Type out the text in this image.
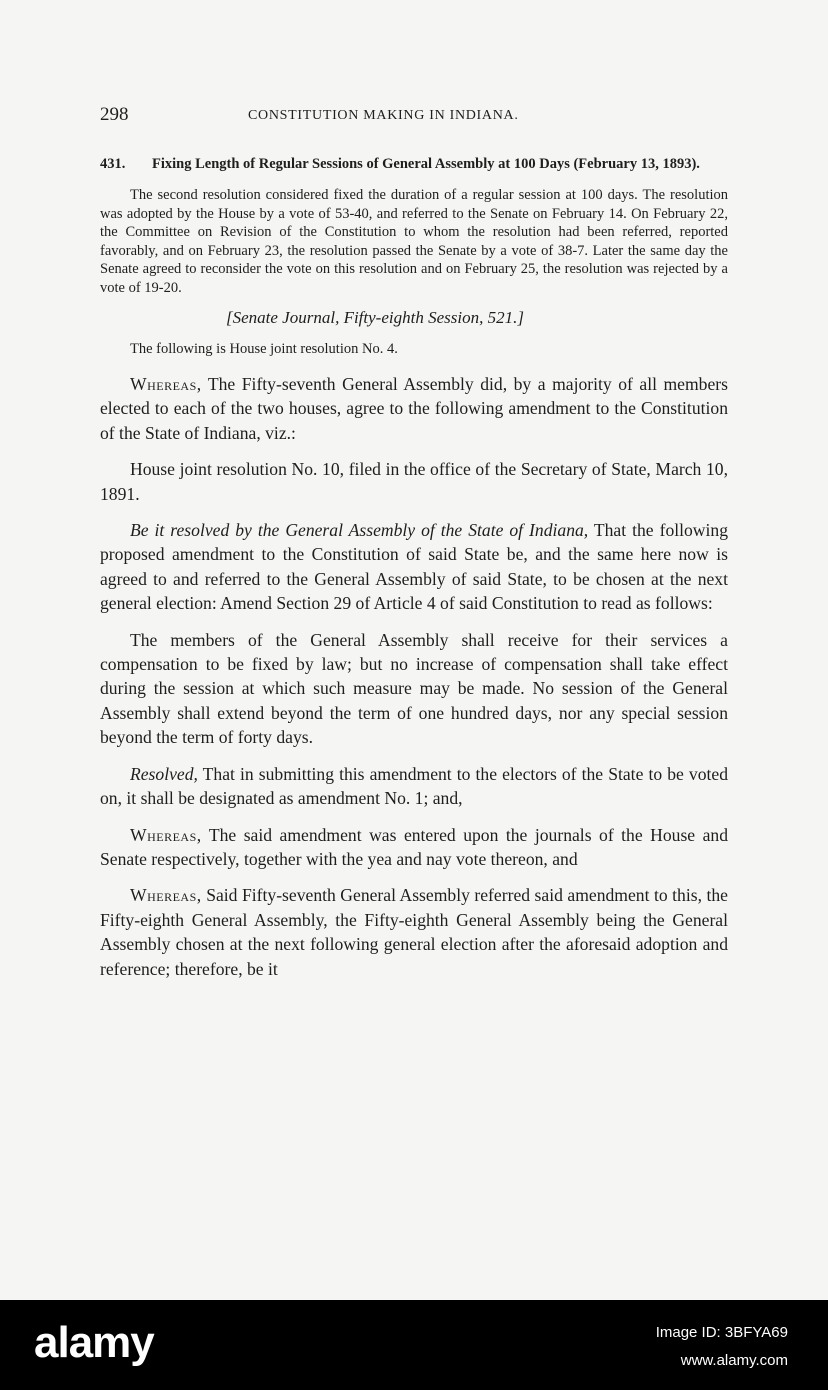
298	CONSTITUTION MAKING IN INDIANA.
431.	Fixing Length of Regular Sessions of General Assembly at 100 Days (February 13, 1893).

The second resolution considered fixed the duration of a regular session at 100 days. The resolution was adopted by the House by a vote of 53-40, and referred to the Senate on February 14. On February 22, the Committee on Revision of the Constitution to whom the resolution had been referred, reported favorably, and on February 23, the resolution passed the Senate by a vote of 38-7. Later the same day the Senate agreed to reconsider the vote on this resolution and on February 25, the resolution was rejected by a vote of 19-20.

[Senate Journal, Fifty-eighth Session, 521.]

The following is House joint resolution No. 4.

Whereas, The Fifty-seventh General Assembly did, by a majority of all members elected to each of the two houses, agree to the following amendment to the Constitution of the State of Indiana, viz.:

House joint resolution No. 10, filed in the office of the Secretary of State, March 10, 1891.

Be it resolved by the General Assembly of the State of Indiana, That the following proposed amendment to the Constitution of said State be, and the same here now is agreed to and referred to the General Assembly of said State, to be chosen at the next general election: Amend Section 29 of Article 4 of said Constitution to read as follows:

The members of the General Assembly shall receive for their services a compensation to be fixed by law; but no increase of compensation shall take effect during the session at which such measure may be made. No session of the General Assembly shall extend beyond the term of one hundred days, nor any special session beyond the term of forty days.

Resolved, That in submitting this amendment to the electors of the State to be voted on, it shall be designated as amendment No. 1; and,

Whereas, The said amendment was entered upon the journals of the House and Senate respectively, together with the yea and nay vote thereon, and

Whereas, Said Fifty-seventh General Assembly referred said amendment to this, the Fifty-eighth General Assembly, the Fifty-eighth General Assembly being the General Assembly chosen at the next following general election after the aforesaid adoption and reference; therefore, be it

alamy	Image ID: 3BFYA69
www.alamy.com
